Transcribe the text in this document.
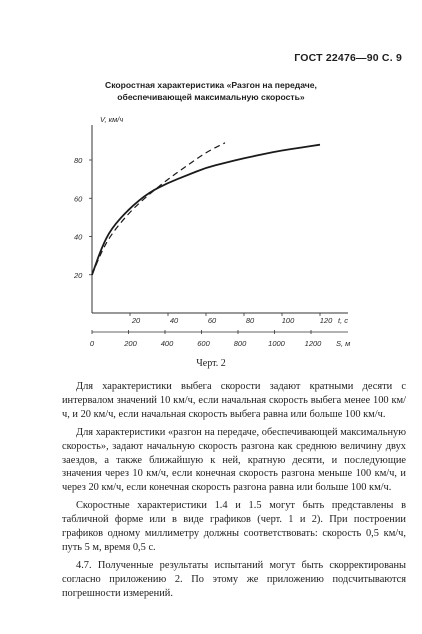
ГОСТ 22476—90 С. 9
Скоростная характеристика «Разгон на передаче,
обеспечивающей максимальную скорость»
V, км/ч
20
40
60
80
20	40	60	80	100	120 t, с
0	200	400	600	800	1000	1200 S, м
Черт. 2

Для характеристики выбега скорости задают кратными десяти с интервалом значений 10 км/ч, если начальная скорость выбега менее 100 км/ч, и 20 км/ч, если начальная скорость выбега равна или больше 100 км/ч.

Для характеристики «разгон на передаче, обеспечивающей максимальную скорость», задают начальную скорость разгона как среднюю величину двух заездов, а также ближайшую к ней, кратную десяти, и последующие значения через 10 км/ч, если конечная скорость разгона меньше 100 км/ч, и через 20 км/ч, если конечная скорость разгона равна или больше 100 км/ч.

Скоростные характеристики 1.4 и 1.5 могут быть представлены в табличной форме или в виде графиков (черт. 1 и 2). При построении графиков одному миллиметру должны соответствовать: скорость 0,5 км/ч, путь 5 м, время 0,5 с.

4.7. Полученные результаты испытаний могут быть скорректированы согласно приложению 2. По этому же приложению подсчитываются погрешности измерений.
